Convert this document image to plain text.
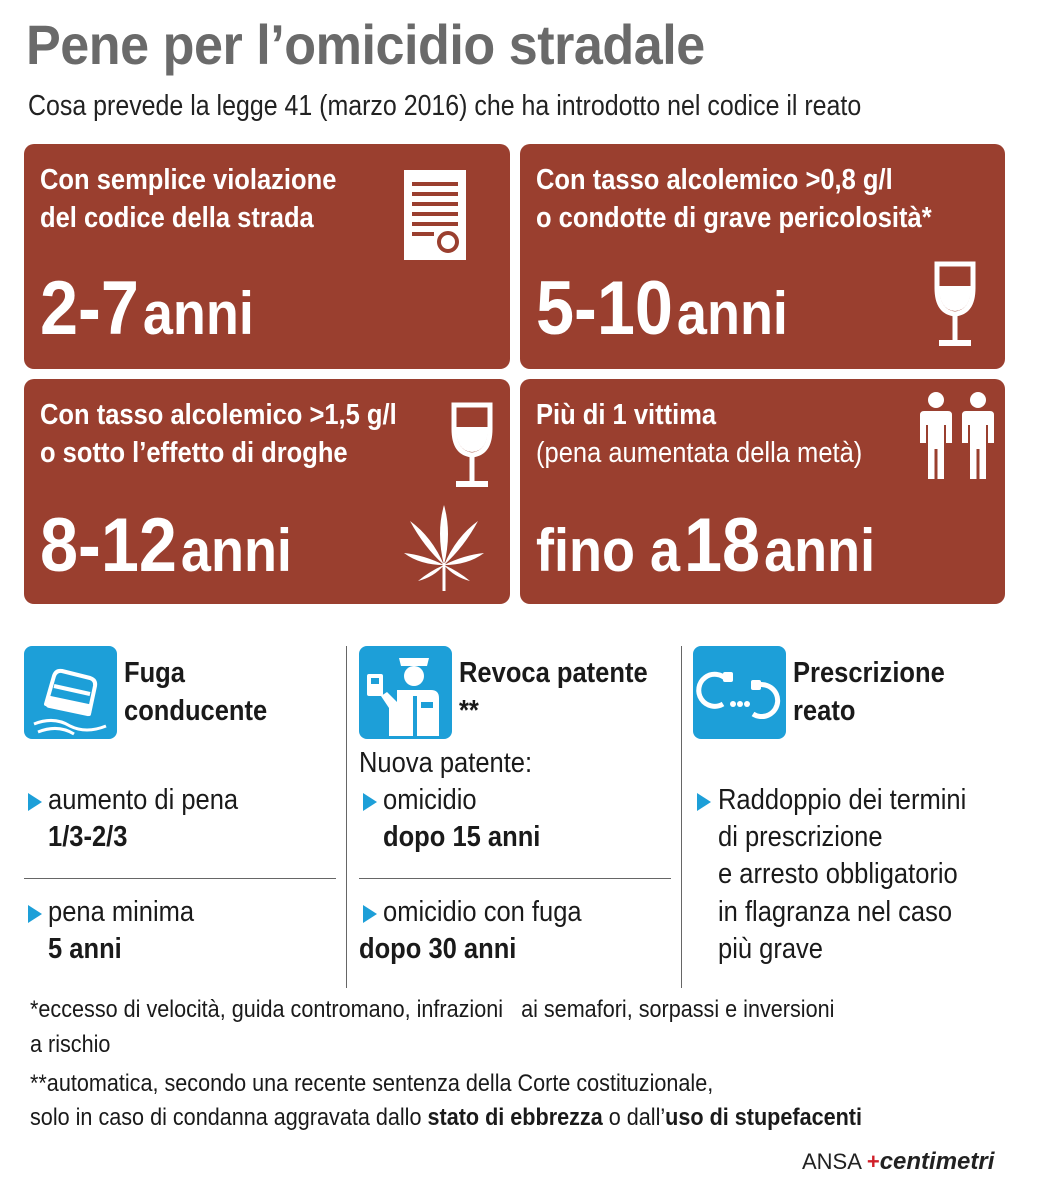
Pene per l’omicidio stradale
Cosa prevede la legge 41 (marzo 2016) che ha introdotto nel codice il reato
Con semplice violazione
del codice della strada
2-7 anni
Con tasso alcolemico >0,8 g/l
o condotte di grave pericolosità*
5-10 anni
Con tasso alcolemico >1,5 g/l
o sotto l’effetto di droghe
8-12 anni
Più di 1 vittima
(pena aumentata della metà)
fino a 18 anni
Fuga
conducente
aumento di pena
1/3-2/3
pena minima
5 anni
Revoca patente
**
Nuova patente:
omicidio
dopo 15 anni
omicidio con fuga
dopo 30 anni
Prescrizione
reato
Raddoppio dei termini
di prescrizione
e arresto obbligatorio
in flagranza nel caso
più grave
*eccesso di velocità, guida contromano, infrazioni   ai semafori, sorpassi e inversioni
a rischio
**automatica, secondo una recente sentenza della Corte costituzionale,
solo in caso di condanna aggravata dallo stato di ebbrezza o dall’uso di stupefacenti
ANSA +centimetri
